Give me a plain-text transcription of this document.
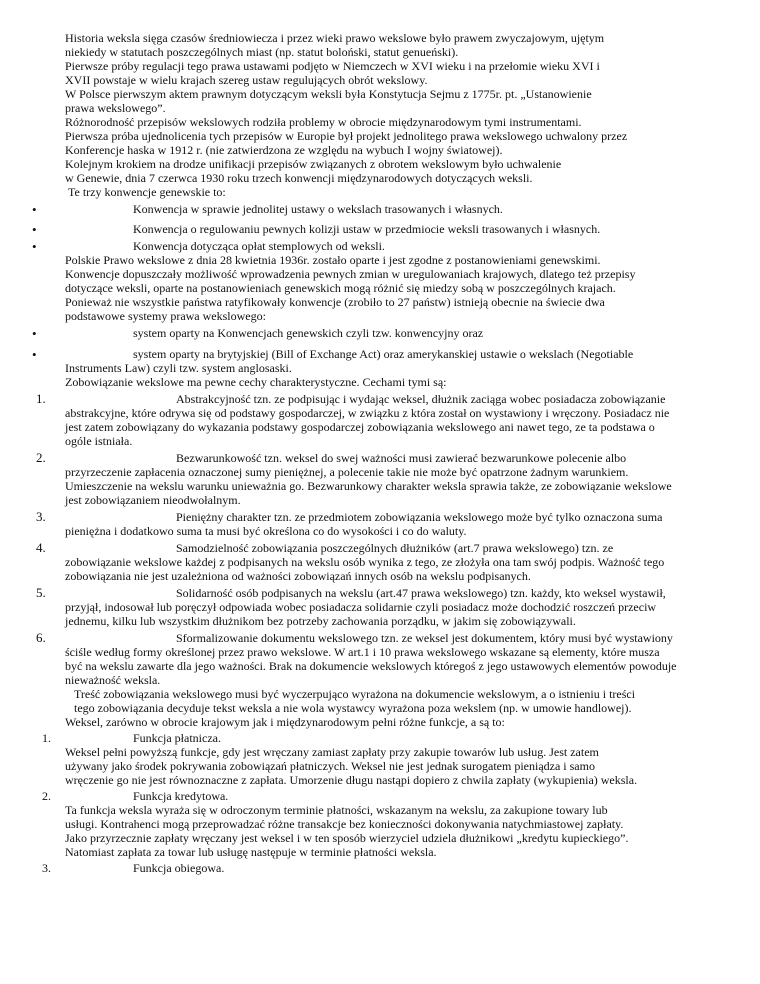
Historia weksla sięga czasów średniowiecza i przez wieki prawo wekslowe było prawem zwyczajowym, ujętym
niekiedy w statutach poszczególnych miast (np. statut boloński, statut genueński).
Pierwsze próby regulacji tego prawa ustawami podjęto w Niemczech w XVI wieku i na przełomie wieku XVI i
XVII powstaje w wielu krajach szereg ustaw regulujących obrót wekslowy.
W Polsce pierwszym aktem prawnym dotyczącym weksli była Konstytucja Sejmu z 1775r. pt. „Ustanowienie
prawa wekslowego”.
Różnorodność przepisów wekslowych rodziła problemy w obrocie międzynarodowym tymi instrumentami.
Pierwsza próba ujednolicenia tych przepisów w Europie był projekt jednolitego prawa wekslowego uchwalony przez
Konferencje haska w 1912 r. (nie zatwierdzona ze względu na wybuch I wojny światowej).
Kolejnym krokiem na drodze unifikacji przepisów związanych z obrotem wekslowym było uchwalenie
w Genewie, dnia 7 czerwca 1930 roku trzech konwencji międzynarodowych dotyczących weksli.
Te trzy konwencje genewskie to:
•	Konwencja w sprawie jednolitej ustawy o wekslach trasowanych i własnych.
•	Konwencja o regulowaniu pewnych kolizji ustaw w przedmiocie weksli trasowanych i własnych.
•	Konwencja dotycząca opłat stemplowych od weksli.
Polskie Prawo wekslowe z dnia 28 kwietnia 1936r. zostało oparte i jest zgodne z postanowieniami genewskimi.
Konwencje dopuszczały możliwość wprowadzenia pewnych zmian w uregulowaniach krajowych, dlatego też przepisy
dotyczące weksli, oparte na postanowieniach genewskich mogą różnić się miedzy sobą w poszczególnych krajach.
Ponieważ nie wszystkie państwa ratyfikowały konwencje (zrobiło to 27 państw) istnieją obecnie na świecie dwa
podstawowe systemy prawa wekslowego:
•	system oparty na Konwencjach genewskich czyli tzw. konwencyjny oraz
•	system oparty na brytyjskiej (Bill of Exchange Act) oraz amerykanskiej ustawie o wekslach (Negotiable
Instruments Law) czyli tzw. system anglosaski.
Zobowiązanie wekslowe ma pewne cechy charakterystyczne. Cechami tymi są:
1.	Abstrakcyjność tzn. ze podpisując i wydając weksel, dłużnik zaciąga wobec posiadacza zobowiązanie
abstrakcyjne, które odrywa się od podstawy gospodarczej, w związku z która został on wystawiony i wręczony. Posiadacz nie
jest zatem zobowiązany do wykazania podstawy gospodarczej zobowiązania wekslowego ani nawet tego, ze ta podstawa o
ogóle istniała.
2.	Bezwarunkowość tzn. weksel do swej ważności musi zawierać bezwarunkowe polecenie albo
przyrzeczenie zapłacenia oznaczonej sumy pieniężnej, a polecenie takie nie może być opatrzone żadnym warunkiem.
Umieszczenie na wekslu warunku unieważnia go. Bezwarunkowy charakter weksla sprawia także, ze zobowiązanie wekslowe
jest zobowiązaniem nieodwołalnym.
3.	Pieniężny charakter tzn. ze przedmiotem zobowiązania wekslowego może być tylko oznaczona suma
pieniężna i dodatkowo suma ta musi być określona co do wysokości i co do waluty.
4.	Samodzielność zobowiązania poszczególnych dłużników (art.7 prawa wekslowego) tzn. ze
zobowiązanie wekslowe każdej z podpisanych na wekslu osób wynika z tego, ze złożyła ona tam swój podpis. Ważność tego
zobowiązania nie jest uzależniona od ważności zobowiązań innych osób na wekslu podpisanych.
5.	Solidarność osób podpisanych na wekslu (art.47 prawa wekslowego) tzn. każdy, kto weksel wystawił,
przyjął, indosował lub poręczył odpowiada wobec posiadacza solidarnie czyli posiadacz może dochodzić roszczeń przeciw
jednemu, kilku lub wszystkim dłużnikom bez potrzeby zachowania porządku, w jakim się zobowiązywali.
6.	Sformalizowanie dokumentu wekslowego tzn. ze weksel jest dokumentem, który musi być wystawiony
ściśle według formy określonej przez prawo wekslowe. W art.1 i 10 prawa wekslowego wskazane są elementy, które musza
być na wekslu zawarte dla jego ważności. Brak na dokumencie wekslowych któregoś z jego ustawowych elementów powoduje
nieważność weksla.
Treść zobowiązania wekslowego musi być wyczerpująco wyrażona na dokumencie wekslowym, a o istnieniu i treści
tego zobowiązania decyduje tekst weksla a nie wola wystawcy wyrażona poza wekslem (np. w umowie handlowej).
Weksel, zarówno w obrocie krajowym jak i międzynarodowym pełni różne funkcje, a są to:
1.	Funkcja płatnicza.
Weksel pełni powyższą funkcje, gdy jest wręczany zamiast zapłaty przy zakupie towarów lub usług. Jest zatem
używany jako środek pokrywania zobowiązań płatniczych. Weksel nie jest jednak surogatem pieniądza i samo
wręczenie go nie jest równoznaczne z zapłata. Umorzenie długu nastąpi dopiero z chwila zapłaty (wykupienia) weksla.
2.	Funkcja kredytowa.
Ta funkcja weksla wyraża się w odroczonym terminie płatności, wskazanym na wekslu, za zakupione towary lub
usługi. Kontrahenci mogą przeprowadzać różne transakcje bez konieczności dokonywania natychmiastowej zapłaty.
Jako przyrzecznie zapłaty wręczany jest weksel i w ten sposób wierzyciel udziela dłużnikowi „kredytu kupieckiego”.
Natomiast zapłata za towar lub usługę następuje w terminie płatności weksla.
3.	Funkcja obiegowa.
